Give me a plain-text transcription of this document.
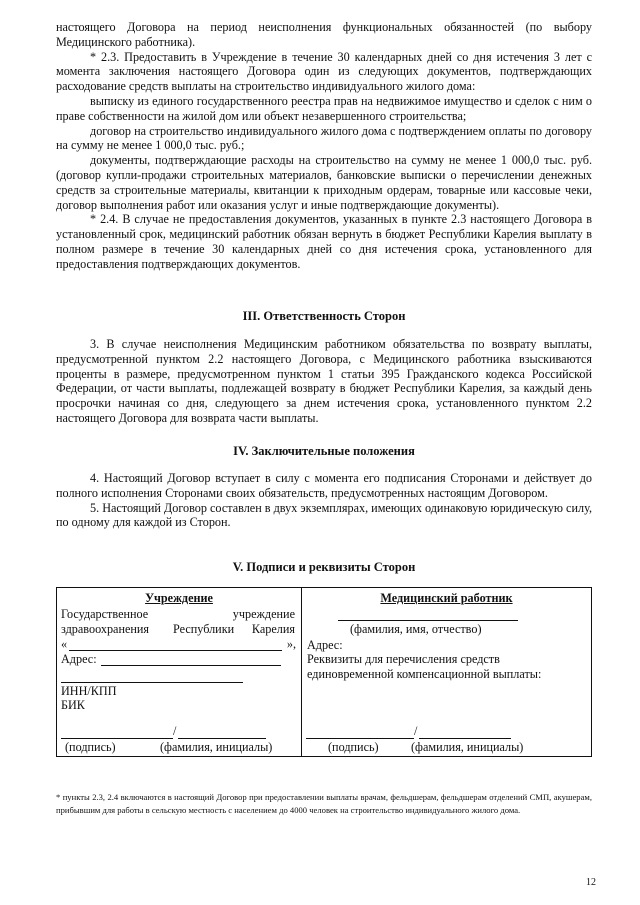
настоящего Договора на период неисполнения функциональных обязанностей (по выбору Медицинского работника).

* 2.3. Предоставить в Учреждение в течение 30 календарных дней со дня истечения 3 лет с момента заключения настоящего Договора один из следующих документов, подтверждающих расходование средств выплаты на строительство индивидуального жилого дома:

выписку из единого государственного реестра прав на недвижимое имущество и сделок с ним о праве собственности на жилой дом или объект незавершенного строительства;

договор на строительство индивидуального жилого дома с подтверждением оплаты по договору на сумму не менее 1 000,0 тыс. руб.;

документы, подтверждающие расходы на строительство на сумму не менее 1 000,0 тыс. руб. (договор купли-продажи строительных материалов, банковские выписки о перечислении денежных средств за строительные материалы, квитанции к приходным ордерам, товарные или кассовые чеки, договор выполнения работ или оказания услуг и иные подтверждающие документы).

* 2.4. В случае не предоставления документов, указанных в пункте 2.3 настоящего Договора в установленный срок, медицинский работник обязан вернуть в бюджет Республики Карелия выплату в полном размере в течение 30 календарных дней со дня истечения срока, установленного для предоставления подтверждающих документов.

III. Ответственность Сторон

3. В случае неисполнения Медицинским работником обязательства по возврату выплаты, предусмотренной пунктом 2.2 настоящего Договора, с Медицинского работника взыскиваются проценты в размере, предусмотренном пунктом 1 статьи 395 Гражданского кодекса Российской Федерации, от части выплаты, подлежащей возврату в бюджет Республики Карелия, за каждый день просрочки начиная со дня, следующего за днем истечения срока, установленного пунктом 2.2 настоящего Договора для возврата части выплаты.

IV. Заключительные положения

4. Настоящий Договор вступает в силу с момента его подписания Сторонами и действует до полного исполнения Сторонами своих обязательств, предусмотренных настоящим Договором.

5. Настоящий Договор составлен в двух экземплярах, имеющих одинаковую юридическую силу, по одному для каждой из Сторон.

V. Подписи и реквизиты Сторон
Учреждение
Государственное	учреждение
здравоохранения Республики Карелия
«	»,
Адрес:
ИНН/КПП
БИК
/
(подпись)	(фамилия, инициалы)
Медицинский работник
(фамилия, имя, отчество)
Адрес:
Реквизиты для перечисления средств
единовременной компенсационной выплаты:
/
(подпись)	(фамилия, инициалы)
* пункты 2.3, 2.4 включаются в настоящий Договор при предоставлении выплаты врачам, фельдшерам, фельдшерам отделений СМП, акушерам, прибывшим для работы в сельскую местность с населением до 4000 человек на строительство индивидуального жилого дома.
12
